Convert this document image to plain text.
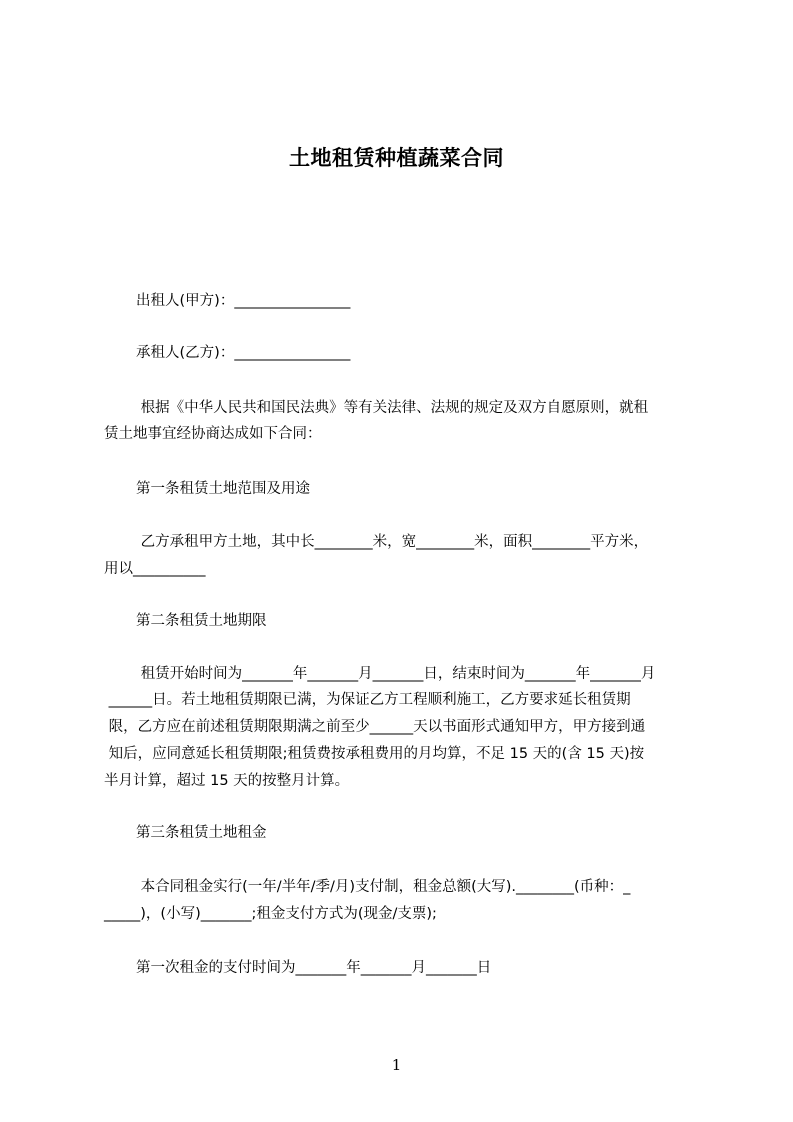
土地租赁种植蔬菜合同
出租人(甲方)：________________
承租人(乙方)：________________
根据《中华人民共和国民法典》等有关法律、法规的规定及双方自愿原则，就租
赁土地事宜经协商达成如下合同：
第一条租赁土地范围及用途
乙方承租甲方土地，其中长________米，宽________米，面积________平方米，
用以__________
第二条租赁土地期限
租赁开始时间为_______年_______月_______日，结束时间为_______年_______月
______日。若土地租赁期限已满，为保证乙方工程顺利施工，乙方要求延长租赁期
限，乙方应在前述租赁期限期满之前至少______天以书面形式通知甲方，甲方接到通
知后，应同意延长租赁期限;租赁费按承租费用的月均算，不足 15 天的(含 15 天)按
半月计算，超过 15 天的按整月计算。
第三条租赁土地租金
本合同租金实行(一年/半年/季/月)支付制，租金总额(大写).________(币种：_
_____)，(小写)_______;租金支付方式为(现金/支票);
第一次租金的支付时间为_______年_______月_______日
1
